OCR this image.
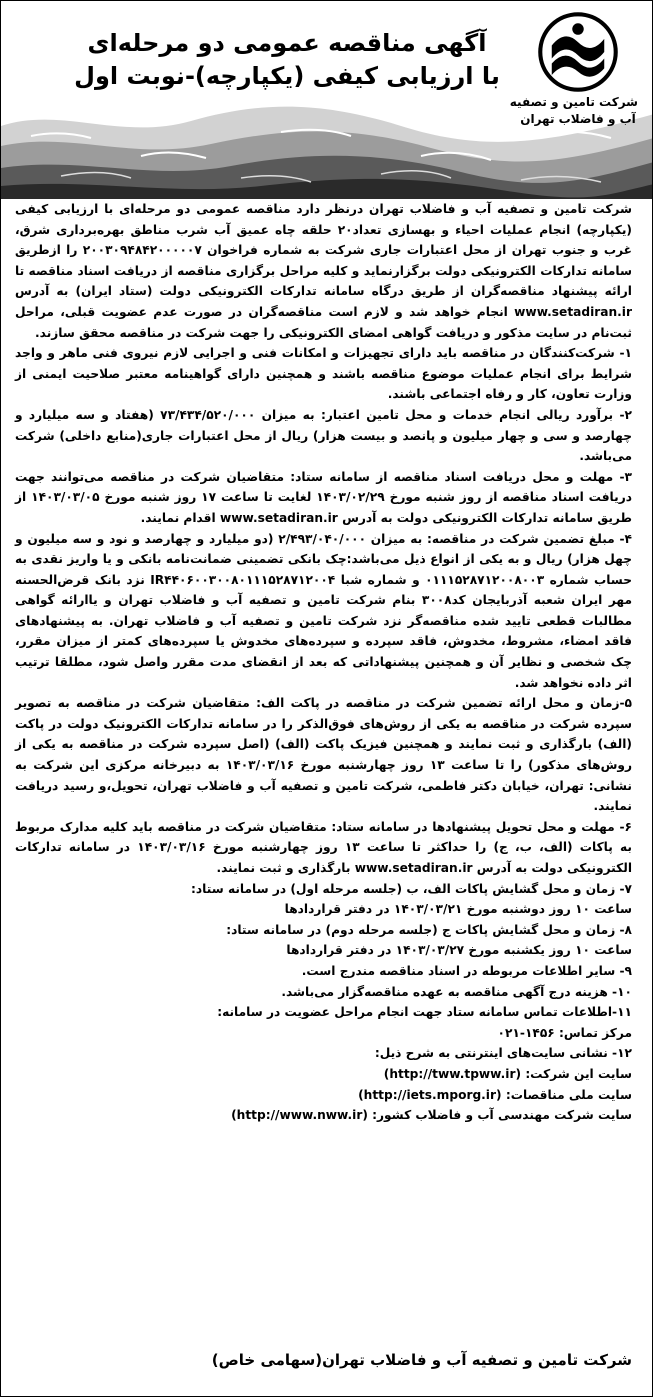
شرکت تامین و تصفیه
آب و فاضلاب تهران
آگهی مناقصه عمومی دو مرحله‌ای
با ارزیابی کیفی (یکپارچه)-نوبت اول

شرکت تامین و تصفیه آب و فاضلاب تهران درنظر دارد مناقصه عمومی دو مرحله‌ای با ارزیابی کیفی (یکپارچه) انجام عملیات احیاء و بهسازی تعداد۲۰ حلقه چاه عمیق آب شرب مناطق بهره‌برداری شرق، غرب و جنوب تهران از محل اعتبارات جاری شرکت به شماره فراخوان ۲۰۰۳۰۹۴۸۴۲۰۰۰۰۰۷ را ازطریق سامانه تدارکات الکترونیکی دولت برگزارنماید و کلیه مراحل برگزاری مناقصه از دریافت اسناد مناقصه تا ارائه پیشنهاد مناقصه‌گران از طریق درگاه سامانه تدارکات الکترونیکی دولت (ستاد ایران) به آدرس www.setadiran.ir انجام خواهد شد و لازم است مناقصه‌گران در صورت عدم عضویت قبلی، مراحل ثبت‌نام در سایت مذکور و دریافت گواهی امضای الکترونیکی را جهت شرکت در مناقصه محقق سازند.

۱- شرکت‌کنندگان در مناقصه باید دارای تجهیزات و امکانات فنی و اجرایی لازم نیروی فنی ماهر و واجد شرایط برای انجام عملیات موضوع مناقصه باشند و همچنین دارای گواهینامه معتبر صلاحیت ایمنی از وزارت تعاون، کار و رفاه اجتماعی باشند.

۲- برآورد ریالی انجام خدمات و محل تامین اعتبار: به میزان ۷۳/۴۳۴/۵۲۰/۰۰۰ (هفتاد و سه میلیارد و چهارصد و سی و چهار میلیون و پانصد و بیست هزار) ریال از محل اعتبارات جاری(منابع داخلی) شرکت می‌باشد.

۳- مهلت و محل دریافت اسناد مناقصه از سامانه ستاد: متقاضیان شرکت در مناقصه می‌توانند جهت دریافت اسناد مناقصه از روز شنبه مورخ ۱۴۰۳/۰۲/۲۹ لغایت تا ساعت ۱۷ روز شنبه مورخ ۱۴۰۳/۰۳/۰۵ از طریق سامانه تدارکات الکترونیکی دولت به آدرس www.setadiran.ir اقدام نمایند.

۴- مبلغ تضمین شرکت در مناقصه: به میزان ۲/۴۹۳/۰۴۰/۰۰۰ (دو میلیارد و چهارصد و نود و سه میلیون و چهل هزار) ریال و به یکی از انواع ذیل می‌باشد:چک بانکی تضمینی ضمانت‌نامه بانکی و یا واریز نقدی به حساب شماره ۰۱۱۱۵۲۸۷۱۲۰۰۸۰۰۳ و شماره شبا IR۴۴۰۶۰۰۳۰۰۸۰۱۱۱۵۲۸۷۱۲۰۰۴ نزد بانک قرض‌الحسنه مهر ایران شعبه آذربایجان کد۳۰۰۸ بنام شرکت تامین و تصفیه آب و فاضلاب تهران و یاارائه گواهی مطالبات قطعی تایید شده مناقصه‌گر نزد شرکت تامین و تصفیه آب و فاضلاب تهران. به پیشنهادهای فاقد امضاء، مشروط، مخدوش، فاقد سپرده و سپرده‌های مخدوش یا سپرده‌های کمتر از میزان مقرر، چک شخصی و نظایر آن و همچنین پیشنهاداتی که بعد از انقضای مدت مقرر واصل شود، مطلقا ترتیب اثر داده نخواهد شد.

۵-زمان و محل ارائه تضمین شرکت در مناقصه در پاکت الف: متقاضیان شرکت در مناقصه به تصویر سپرده شرکت در مناقصه به یکی از روش‌های فوق‌الذکر را در سامانه تدارکات الکترونیک دولت در پاکت (الف) بارگذاری و ثبت نمایند و همچنین فیزیک پاکت (الف) (اصل سپرده شرکت در مناقصه به یکی از روش‌های مذکور) را تا ساعت ۱۳ روز چهارشنبه مورخ ۱۴۰۳/۰۳/۱۶ به دبیرخانه مرکزی این شرکت به نشانی: تهران، خیابان دکتر فاطمی، شرکت تامین و تصفیه آب و فاضلاب تهران، تحویل،و رسید دریافت نمایند.

۶- مهلت و محل تحویل پیشنهادها در سامانه ستاد: متقاضیان شرکت در مناقصه باید کلیه مدارک مربوط به پاکات (الف، ب، ج) را حداکثر تا ساعت ۱۳ روز چهارشنبه مورخ ۱۴۰۳/۰۳/۱۶ در سامانه تدارکات الکترونیکی دولت به آدرس www.setadiran.ir بارگذاری و ثبت نمایند.

۷- زمان و محل گشایش پاکات الف، ب (جلسه مرحله اول) در سامانه ستاد:

ساعت ۱۰ روز دوشنبه مورخ ۱۴۰۳/۰۳/۲۱ در دفتر قراردادها

۸- زمان و محل گشایش پاکات ج (جلسه مرحله دوم) در سامانه ستاد:

ساعت ۱۰ روز یکشنبه مورخ ۱۴۰۳/۰۳/۲۷ در دفتر قراردادها

۹- سایر اطلاعات مربوطه در اسناد مناقصه مندرج است.

۱۰- هزینه درج آگهی مناقصه به عهده مناقصه‌گزار می‌باشد.

۱۱-اطلاعات تماس سامانه ستاد جهت انجام مراحل عضویت در سامانه:

مرکز تماس: ۱۴۵۶-۰۲۱

۱۲- نشانی سایت‌های اینترنتی به شرح ذیل:

سایت این شرکت: (http://tww.tpww.ir)

سایت ملی مناقصات: (http://iets.mporg.ir)

سایت شرکت مهندسی آب و فاضلاب کشور: (http://www.nww.ir)

شرکت تامین و تصفیه آب و فاضلاب تهران(سهامی خاص)
